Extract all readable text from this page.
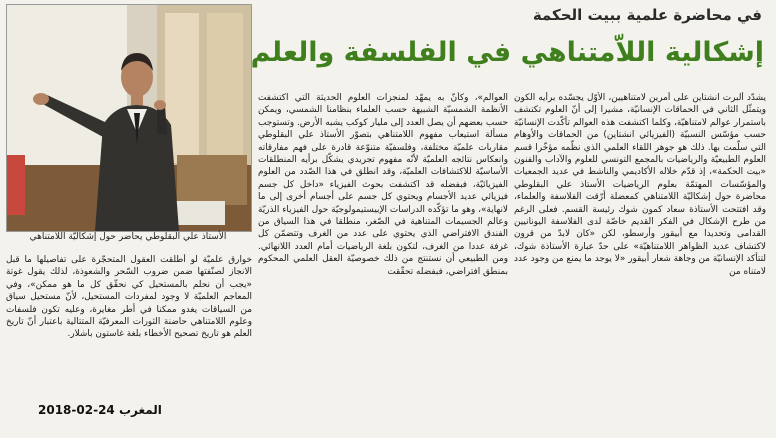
في محاضرة علمية ببيت الحكمة
إشكالية اللاّمتناهي في الفلسفة والعلم
الأستاذ علي البقلوطي يحاضر حول إشكاليّة اللامتناهي

يشدّد ألبرت انشتاين على أمرين لامتناهيين، الأوّل يجسّده برأيه الكون ويتمثّل الثاني في الحماقات الإنسانيّة، مشيرا إلى أنّ العلوم تكتشف باستمرار عوالم لامتناهيّة، وكلما اكتشفت هذه العوالم تأكّدت الإنسانيّة حسب مؤسّس النسبيّة (الفيزيائي انشتاين) من الحماقات والأوهام التي سلّمت بها. ذلك هو جوهر اللقاء العلمي الذي نظّمه مؤخّرا قسم العلوم الطبيعيّة والرياضيات بالمجمع التونسي للعلوم والآداب والفنون «بيت الحكمة»، إذ قدّم خلاله الأكاديمي والناشط في عديد الجمعيات والمؤسّسات المهتمّة بعلوم الرياضيات الأستاذ علي البقلوطي محاضرة حول إشكاليّة اللامتناهي كمعضلة أرّقت الفلاسفة والعلماء، وقد افتتحت الأستاذة سعاد كمون شوك رئيسة القسم. فعلى الرغم من طرح الإشكال في الفكر القديم خاصّة لدى الفلاسفة اليونانيين القدامى وتحديدا مع أبيقور وأرسطو، لكن «كان لابدّ من قرون لاكتشاف عديد الظواهر اللامتناهيّة» على حدّ عبارة الأستاذة شوك، لتتأكد الإنسانيّة من وجاهة شعار أبيقور «لا يوجد ما يمنع من وجود عدد لامتناه من

العوالم»، وكأنّ به يمهّد لمنجزات العلوم الحديثة التي اكتشفت الأنظمة الشمسيّة الشبيهة حسب العلماء بنظامنا الشمسي، ويمكن حسب بعضهم أن يصل العدد إلى مليار كوكب يشبه الأرض. وتستوجب مسألة استيعاب مفهوم اللامتناهي بتصوّر الأستاذ علي البقلوطي مقاربات علميّة مختلفة، وفلسفيّة متنوّعة قادرة على فهم مفارقاته وانعكاس نتائجه العلميّة لأنّه مفهوم تجريدي يشكّل برأيه المنطلقات الأساسيّة للاكتشافات العلميّة، وقد انطلق في هذا الصّدد من العلوم الفيزيائيّة، فبفضله قد اكتشفت بحوث الفيزياء «داخل كل جسم فيزيائي عديد الأجسام ويحتوي كل جسم على أجسام أخرى إلى ما لانهاية»، وهو ما تؤكّده الدراسات الإبيستيمولوجيّة حول الفيزياء الذريّة وعالم الجسيمات المتناهية في الصّغر، منطلقا في هذا السياق من الفندق الافتراضي الذي يحتوي على عدد من الغرف وتتضمّن كل غرفة عددا من الغرف، لتكون بلغة الرياضيات أمام العدد اللانهائي. ومن الطبيعي أن نستنتج من ذلك خصوصيّة العقل العلمي المحكوم بمنطق افتراضي، فبفضله تحقّقت

خوارق علميّة لو أطلقت العقول المتحجّرة على تفاصيلها ما قبل الانجاز لصنّفتها ضمن ضروب السّحر والشعوذة، لذلك يقول غوتة «يجب أن نحلم بالمستحيل كي نحقّق كل ما هو ممكن»، وفي المعاجم العلميّة لا وجود لمفردات المستحيل، لأنّ مستحيل سياق من السياقات يغدو ممكنا في أطر مغايرة، وعليه تكون فلسفات وعلوم اللامتناهي حاضنة الثورات المعرفيّة المتتالية باعتبار أنّ تاريخ العلم هو تاريخ تصحيح الأخطاء بلغة غاستون باشلار.

المغرب 24-02-2018
